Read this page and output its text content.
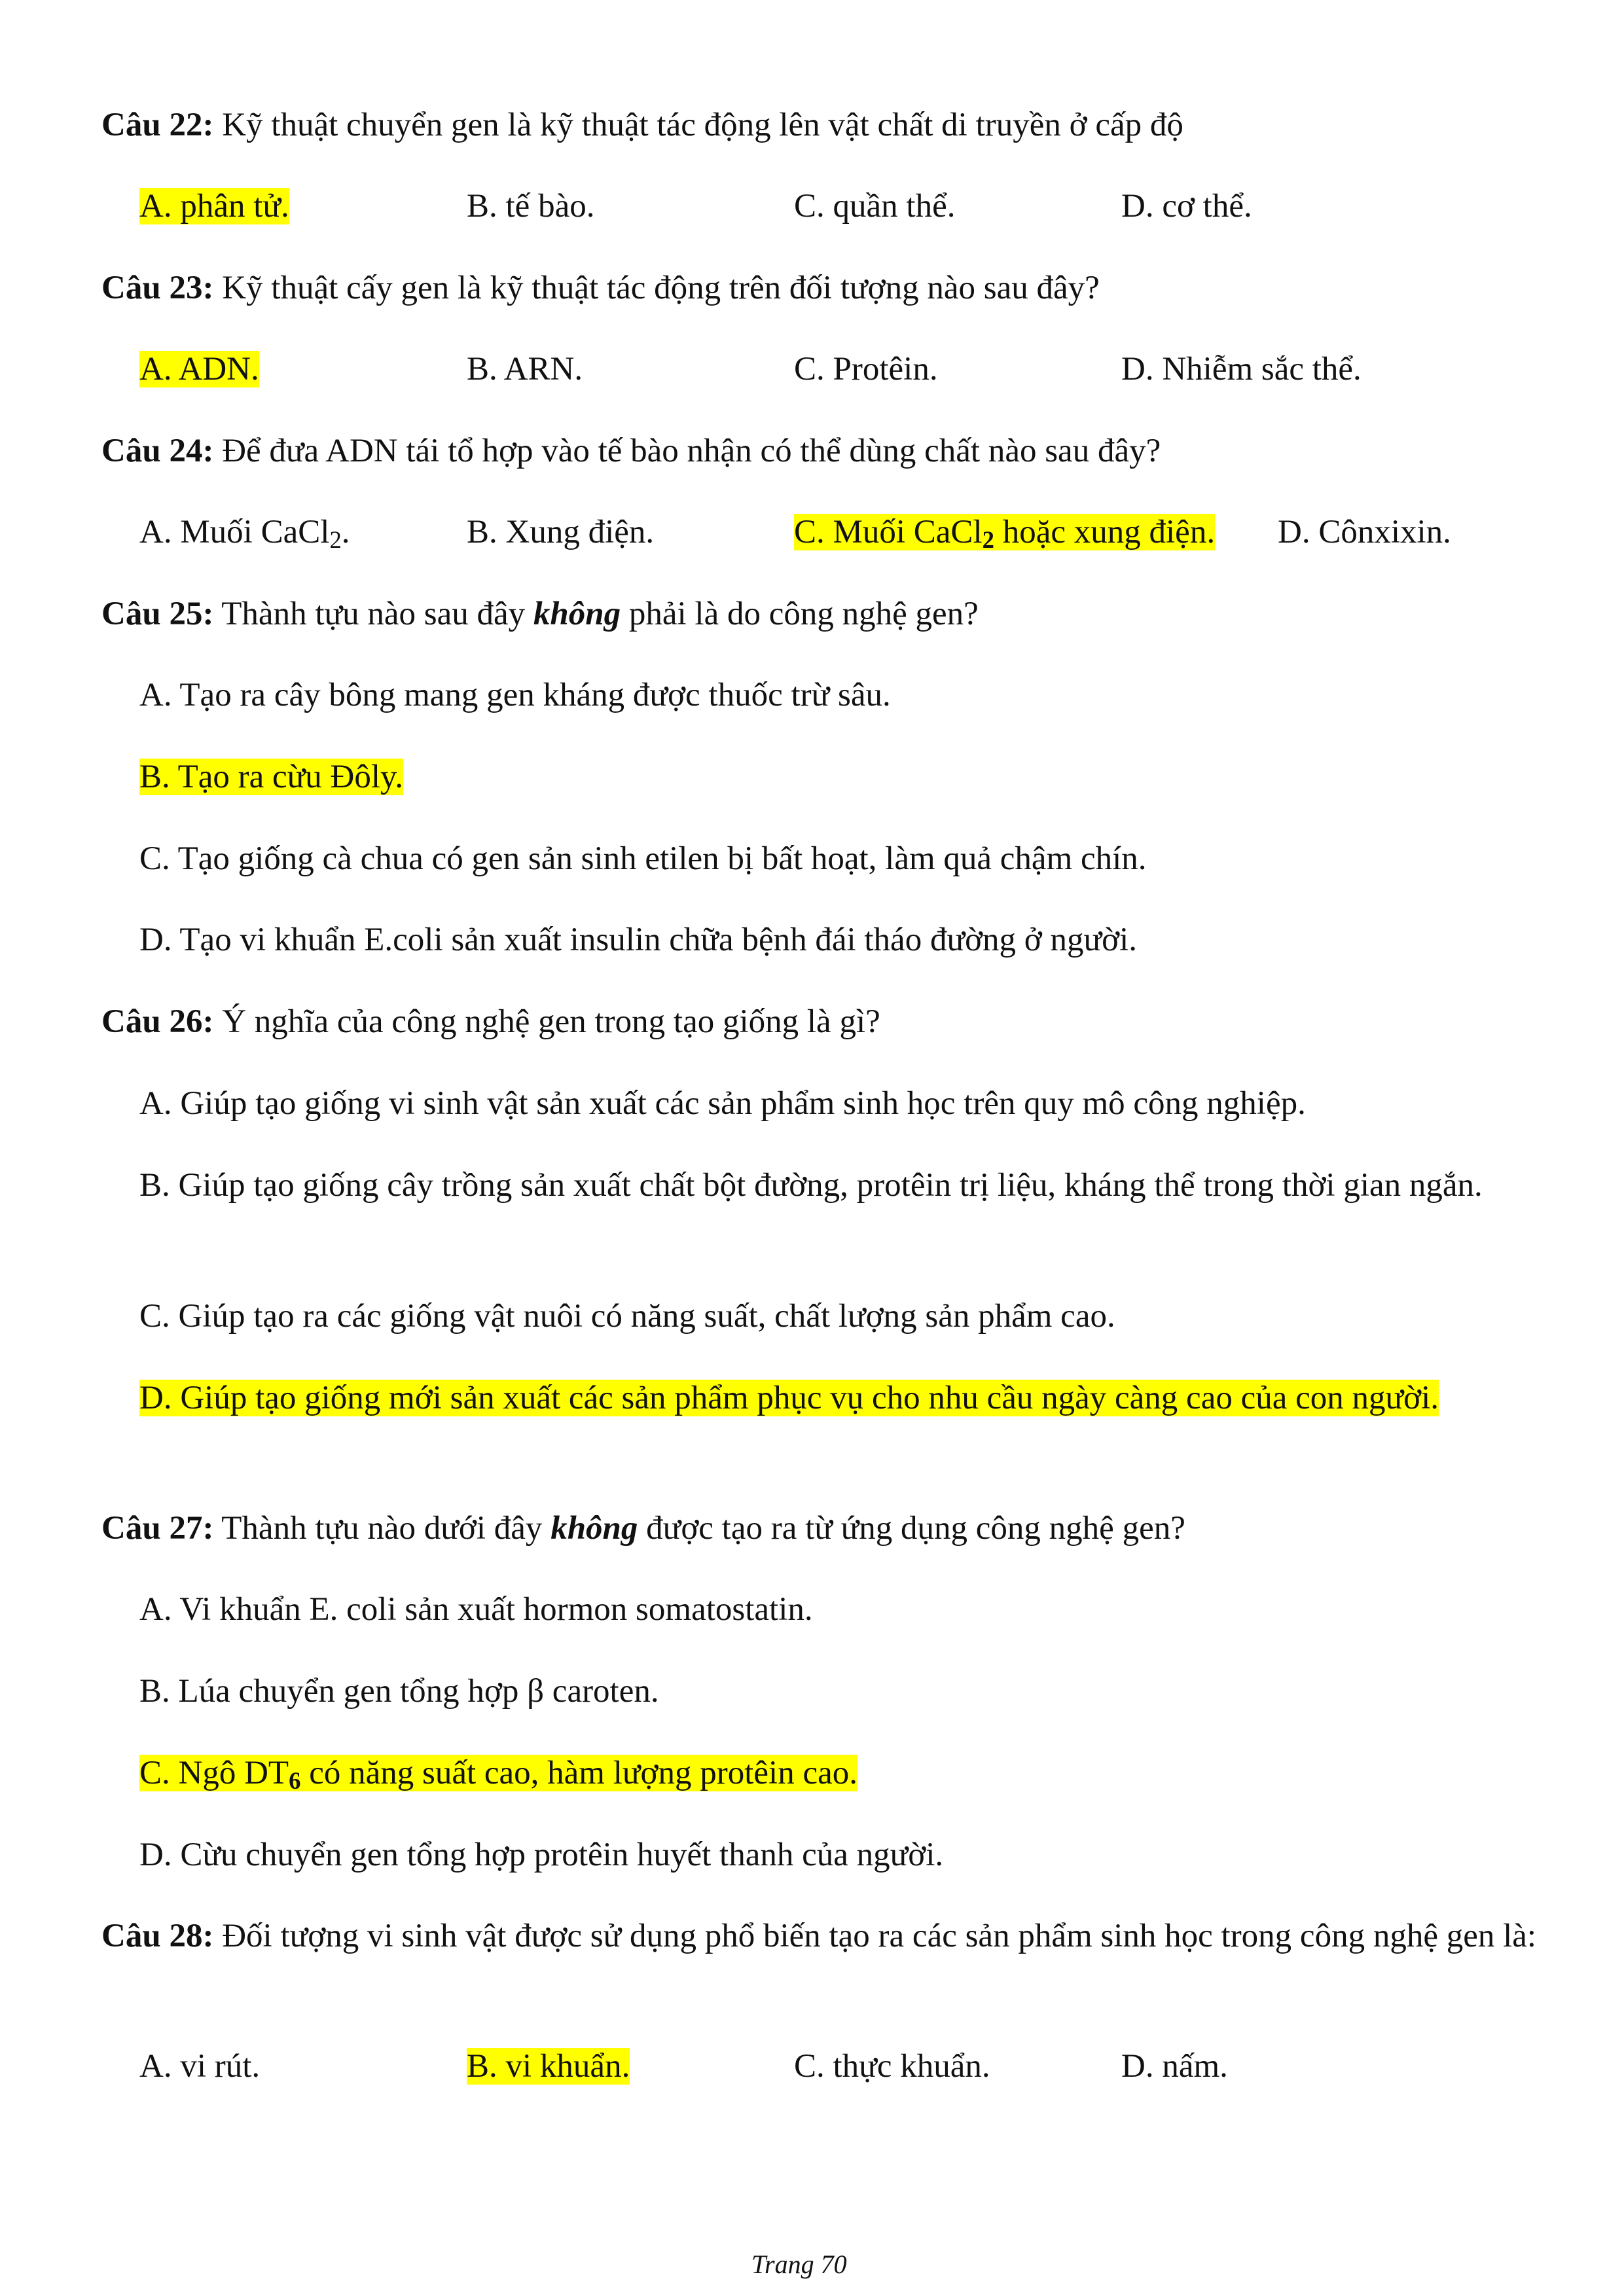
Câu 22: Kỹ thuật chuyển gen là kỹ thuật tác động lên vật chất di truyền ở cấp độ
A. phân tử.	B. tế bào.	C. quần thể.	D. cơ thể.
Câu 23: Kỹ thuật cấy gen là kỹ thuật tác động trên đối tượng nào sau đây?
A. ADN.	B. ARN.	C. Protêin.	D. Nhiễm sắc thể.
Câu 24: Để đưa ADN tái tổ hợp vào tế bào nhận có thể dùng chất nào sau đây?
A. Muối CaCl$_2$.	B. Xung điện.	C. Muối CaCl$_2$ hoặc xung điện. D. Cônxixin.
Câu 25: Thành tựu nào sau đây không phải là do công nghệ gen?
A. Tạo ra cây bông mang gen kháng được thuốc trừ sâu.
B. Tạo ra cừu Đôly.
C. Tạo giống cà chua có gen sản sinh etilen bị bất hoạt, làm quả chậm chín.
D. Tạo vi khuẩn E.coli sản xuất insulin chữa bệnh đái tháo đường ở người.
Câu 26: Ý nghĩa của công nghệ gen trong tạo giống là gì?
A. Giúp tạo giống vi sinh vật sản xuất các sản phẩm sinh học trên quy mô công nghiệp.
B. Giúp tạo giống cây trồng sản xuất chất bột đường, protêin trị liệu, kháng thể trong thời gian ngắn.
C. Giúp tạo ra các giống vật nuôi có năng suất, chất lượng sản phẩm cao.
D. Giúp tạo giống mới sản xuất các sản phẩm phục vụ cho nhu cầu ngày càng cao của con người.
Câu 27: Thành tựu nào dưới đây không được tạo ra từ ứng dụng công nghệ gen?
A. Vi khuẩn E. coli sản xuất hormon somatostatin.
B. Lúa chuyển gen tổng hợp β caroten.
C. Ngô $DT_6$ có năng suất cao, hàm lượng protêin cao.
D. Cừu chuyển gen tổng hợp protêin huyết thanh của người.
Câu 28: Đối tượng vi sinh vật được sử dụng phổ biến tạo ra các sản phẩm sinh học trong công nghệ gen là:
A. vi rút.	B. vi khuẩn.	C. thực khuẩn.	D. nấm.
Trang 70
